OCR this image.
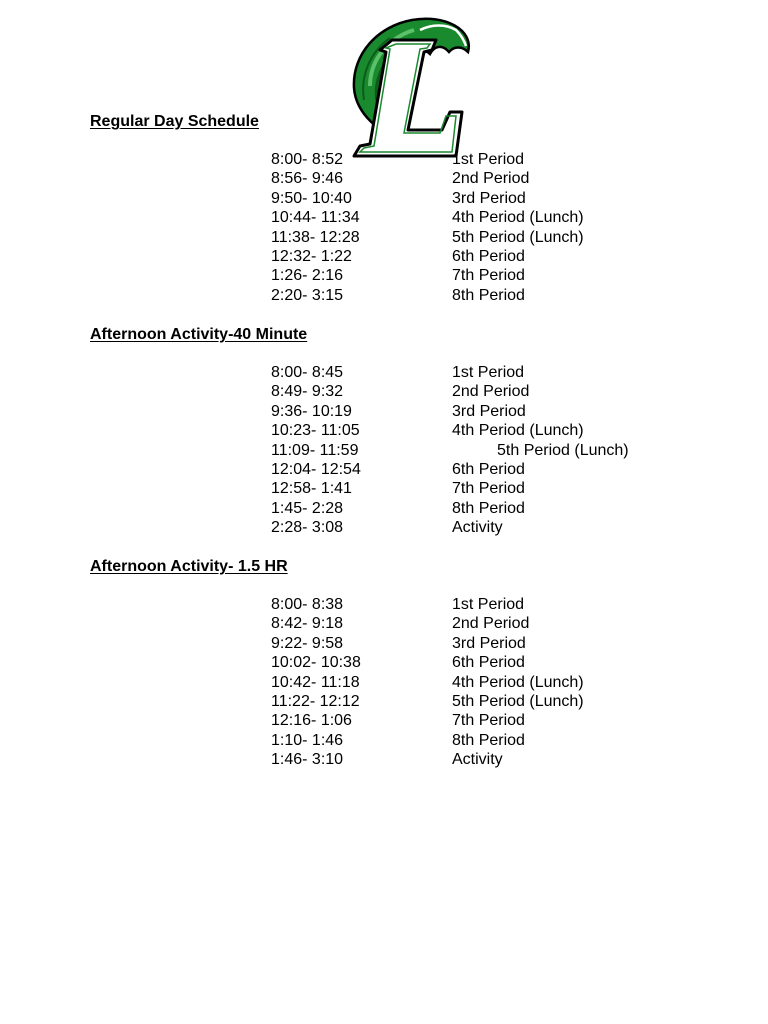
Regular Day Schedule
8:00- 8:52	1st Period
8:56- 9:46	2nd Period
9:50- 10:40	3rd Period
10:44- 11:34	4th Period (Lunch)
11:38- 12:28	5th Period (Lunch)
12:32- 1:22	6th Period
1:26- 2:16	7th Period
2:20- 3:15	8th Period
Afternoon Activity-40 Minute
8:00- 8:45	1st Period
8:49- 9:32	2nd Period
9:36- 10:19	3rd Period
10:23- 11:05	4th Period (Lunch)
11:09- 11:59	5th Period (Lunch)
12:04- 12:54	6th Period
12:58- 1:41	7th Period
1:45- 2:28	8th Period
2:28- 3:08	Activity
Afternoon Activity- 1.5 HR
8:00- 8:38	1st Period
8:42- 9:18	2nd Period
9:22- 9:58	3rd Period
10:02- 10:38	6th Period
10:42- 11:18	4th Period (Lunch)
11:22- 12:12	5th Period (Lunch)
12:16- 1:06	7th Period
1:10- 1:46	8th Period
1:46- 3:10	Activity
